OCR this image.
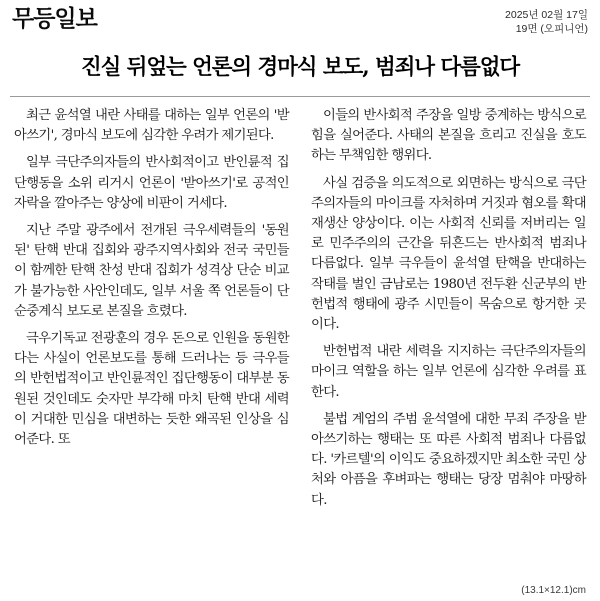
무등일보	2025년 02월 17일
19면 (오피니언)
진실 뒤엎는 언론의 경마식 보도, 범죄나 다름없다

최근 윤석열 내란 사태를 대하는 일부 언론의 '받아쓰기', 경마식 보도에 심각한 우려가 제기된다.

일부 극단주의자들의 반사회적이고 반인륜적 집단행동을 소위 리거시 언론이 '받아쓰기'로 공적인 자락을 깔아주는 양상에 비판이 거세다.

지난 주말 광주에서 전개된 극우세력들의 '동원된' 탄핵 반대 집회와 광주지역사회와 전국 국민들이 함께한 탄핵 찬성 반대 집회가 성격상 단순 비교가 불가능한 사안인데도, 일부 서울 쪽 언론들이 단순중계식 보도로 본질을 흐렸다.

극우기독교 전광훈의 경우 돈으로 인원을 동원한다는 사실이 언론보도를 통해 드러나는 등 극우들의 반헌법적이고 반인륜적인 집단행동이 대부분 동원된 것인데도 숫자만 부각해 마치 탄핵 반대 세력이 거대한 민심을 대변하는 듯한 왜곡된 인상을 심어준다. 또

이들의 반사회적 주장을 일방 중계하는 방식으로 힘을 실어준다. 사태의 본질을 흐리고 진실을 호도하는 무책임한 행위다.

사실 검증을 의도적으로 외면하는 방식으로 극단주의자들의 마이크를 자처하며 거짓과 혐오를 확대재생산 양상이다. 이는 사회적 신뢰를 저버리는 일로 민주주의의 근간을 뒤흔드는 반사회적 범죄나 다름없다. 일부 극우들이 윤석열 탄핵을 반대하는 작태를 벌인 금남로는 1980년 전두환 신군부의 반헌법적 행태에 광주 시민들이 목숨으로 항거한 곳이다.

반헌법적 내란 세력을 지지하는 극단주의자들의 마이크 역할을 하는 일부 언론에 심각한 우려를 표한다.

불법 계엄의 주범 윤석열에 대한 무죄 주장을 받아쓰기하는 행태는 또 따른 사회적 범죄나 다름없다. '카르텔'의 이익도 중요하겠지만 최소한 국민 상처와 아픔을 후벼파는 행태는 당장 멈춰야 마땅하다.

(13.1×12.1)cm
